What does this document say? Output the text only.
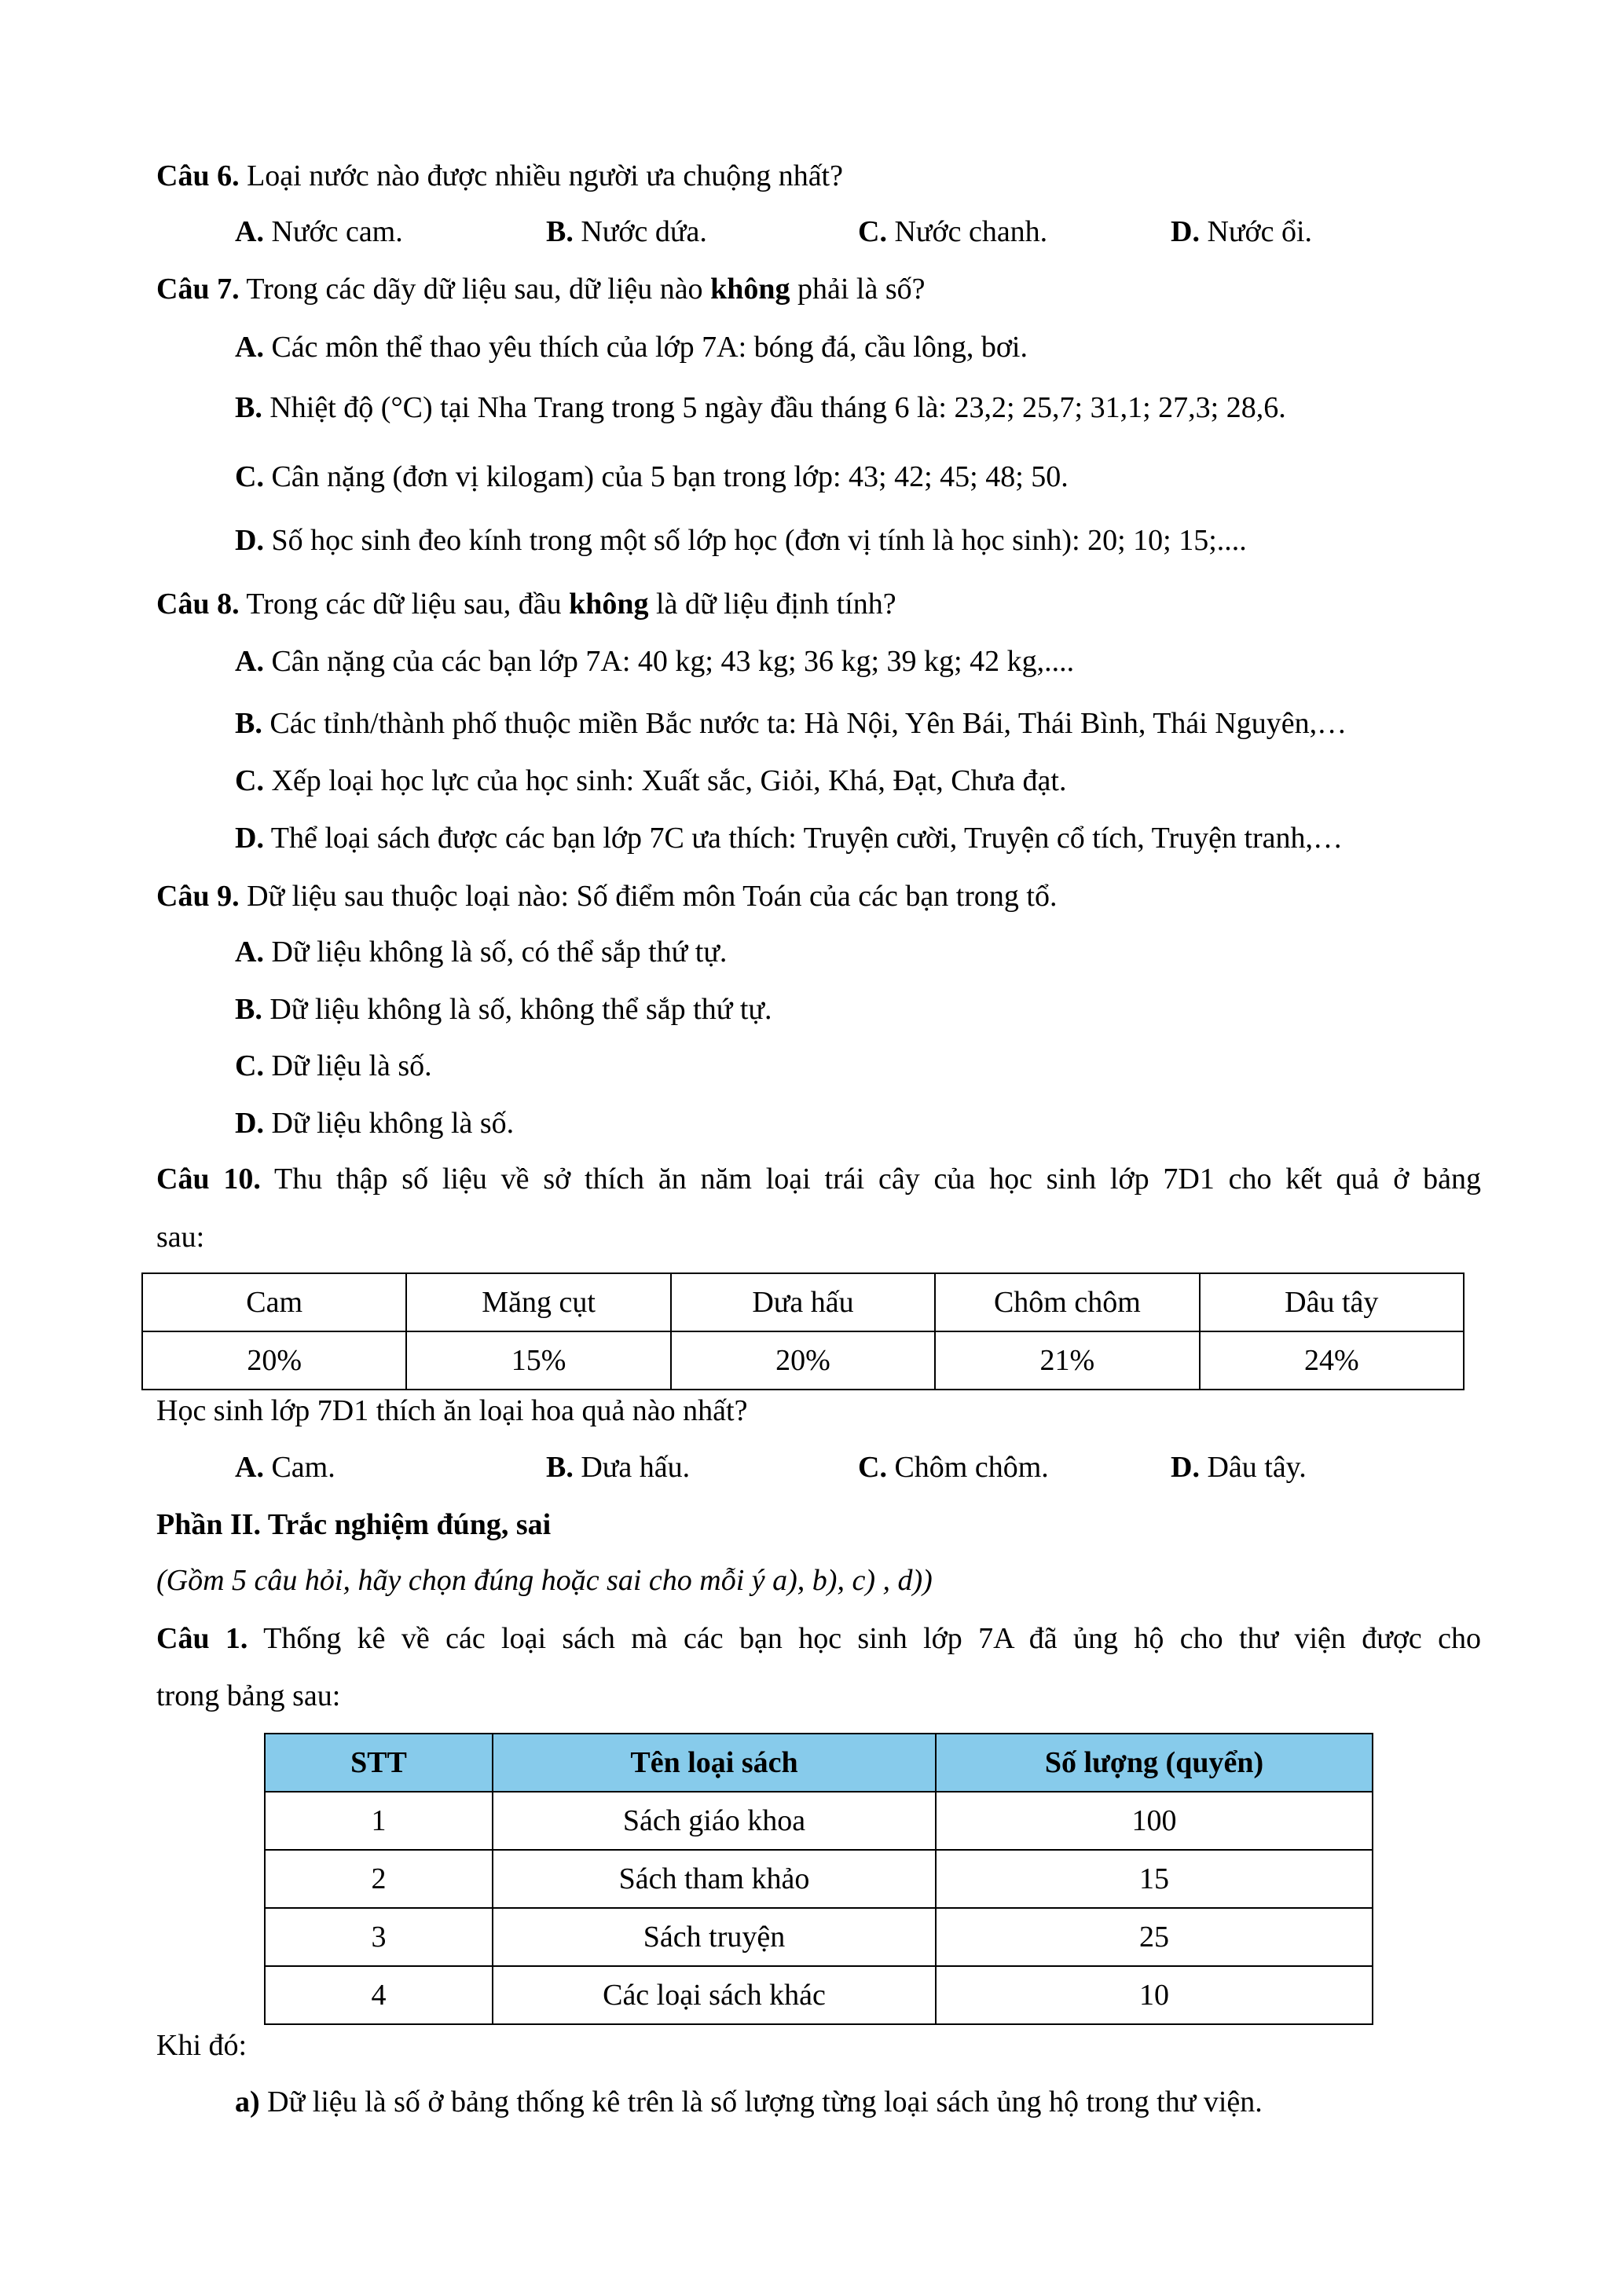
Câu 6. Loại nước nào được nhiều người ưa chuộng nhất?
A. Nước cam.	B. Nước dứa.	C. Nước chanh.	D. Nước ổi.
Câu 7. Trong các dãy dữ liệu sau, dữ liệu nào không phải là số?
A. Các môn thể thao yêu thích của lớp 7A: bóng đá, cầu lông, bơi.
B. Nhiệt độ (°C) tại Nha Trang trong 5 ngày đầu tháng 6 là: 23,2; 25,7; 31,1; 27,3; 28,6.
C. Cân nặng (đơn vị kilogam) của 5 bạn trong lớp: 43; 42; 45; 48; 50.
D. Số học sinh đeo kính trong một số lớp học (đơn vị tính là học sinh): 20; 10; 15;....
Câu 8. Trong các dữ liệu sau, đầu không là dữ liệu định tính?
A. Cân nặng của các bạn lớp 7A: 40 kg; 43 kg; 36 kg; 39 kg; 42 kg,....
B. Các tỉnh/thành phố thuộc miền Bắc nước ta: Hà Nội, Yên Bái, Thái Bình, Thái Nguyên,…
C. Xếp loại học lực của học sinh: Xuất sắc, Giỏi, Khá, Đạt, Chưa đạt.
D. Thể loại sách được các bạn lớp 7C ưa thích: Truyện cười, Truyện cổ tích, Truyện tranh,…
Câu 9. Dữ liệu sau thuộc loại nào: Số điểm môn Toán của các bạn trong tổ.
A. Dữ liệu không là số, có thể sắp thứ tự.
B. Dữ liệu không là số, không thể sắp thứ tự.
C. Dữ liệu là số.
D. Dữ liệu không là số.
Câu 10. Thu thập số liệu về sở thích ăn năm loại trái cây của học sinh lớp 7D1 cho kết quả ở bảng
sau:
Cam	Măng cụt	Dưa hấu	Chôm chôm	Dâu tây
20%	15%	20%	21%	24%
Học sinh lớp 7D1 thích ăn loại hoa quả nào nhất?
A. Cam.	B. Dưa hấu.	C. Chôm chôm.	D. Dâu tây.
Phần II. Trắc nghiệm đúng, sai
(Gồm 5 câu hỏi, hãy chọn đúng hoặc sai cho mỗi ý a), b), c) , d))
Câu 1. Thống kê về các loại sách mà các bạn học sinh lớp 7A đã ủng hộ cho thư viện được cho
trong bảng sau:
STT	Tên loại sách	Số lượng (quyển)
1	Sách giáo khoa	100
2	Sách tham khảo	15
3	Sách truyện	25
4	Các loại sách khác	10
Khi đó:
a) Dữ liệu là số ở bảng thống kê trên là số lượng từng loại sách ủng hộ trong thư viện.
